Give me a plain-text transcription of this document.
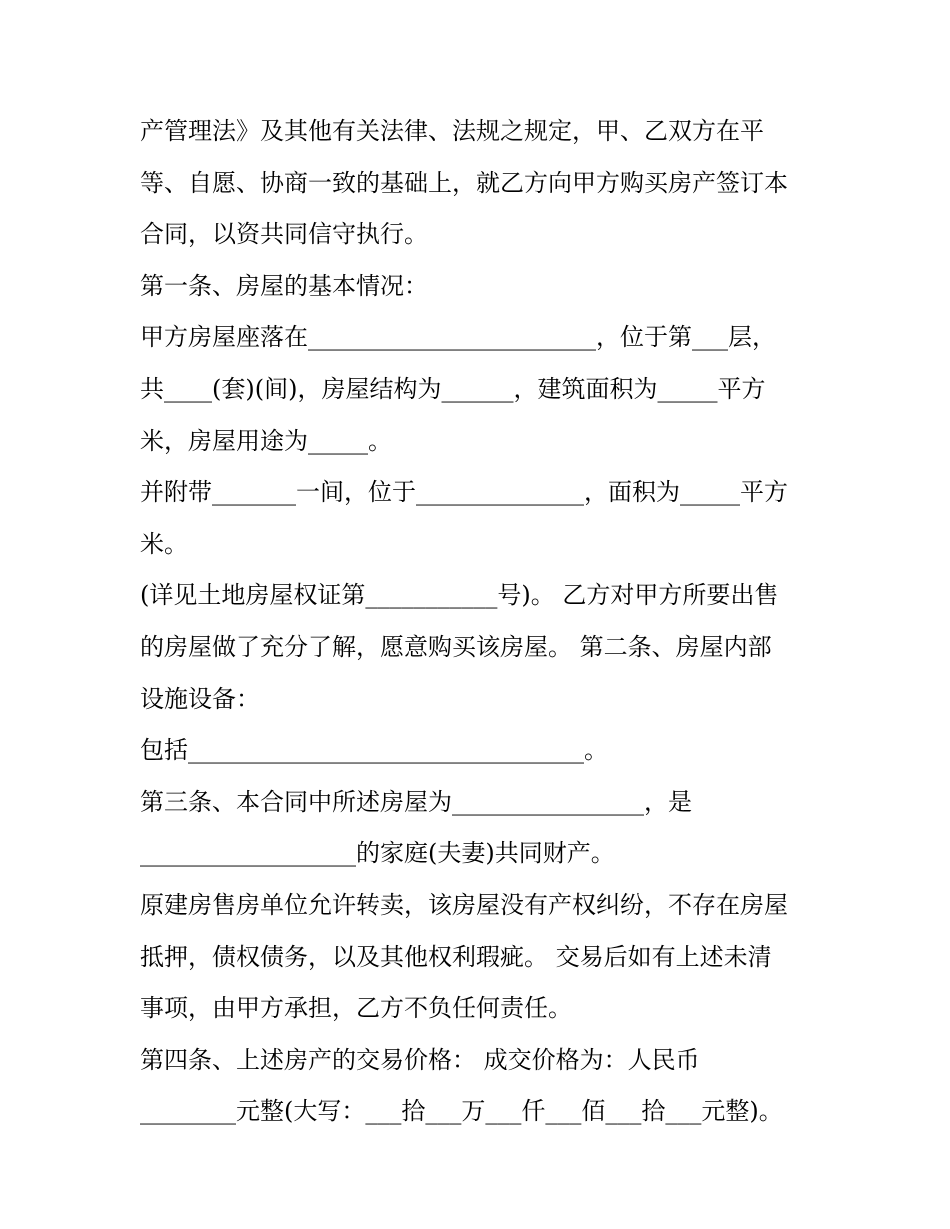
产管理法》及其他有关法律、法规之规定，甲、乙双方在平

等、自愿、协商一致的基础上，就乙方向甲方购买房产签订本

合同，以资共同信守执行。

第一条、房屋的基本情况：

甲方房屋座落在________________________，位于第___层，

共____(套)(间)，房屋结构为______，建筑面积为_____平方

米，房屋用途为_____。

并附带_______一间，位于______________，面积为_____平方

米。

(详见土地房屋权证第___________号)。 乙方对甲方所要出售

的房屋做了充分了解，愿意购买该房屋。 第二条、房屋内部

设施设备：

包括_________________________________。

第三条、本合同中所述房屋为________________，是

__________________的家庭(夫妻)共同财产。

原建房售房单位允许转卖，该房屋没有产权纠纷，不存在房屋

抵押，债权债务，以及其他权利瑕疵。 交易后如有上述未清

事项，由甲方承担，乙方不负任何责任。

第四条、上述房产的交易价格： 成交价格为：人民币

________元整(大写：___拾___万___仟___佰___拾___元整)。
